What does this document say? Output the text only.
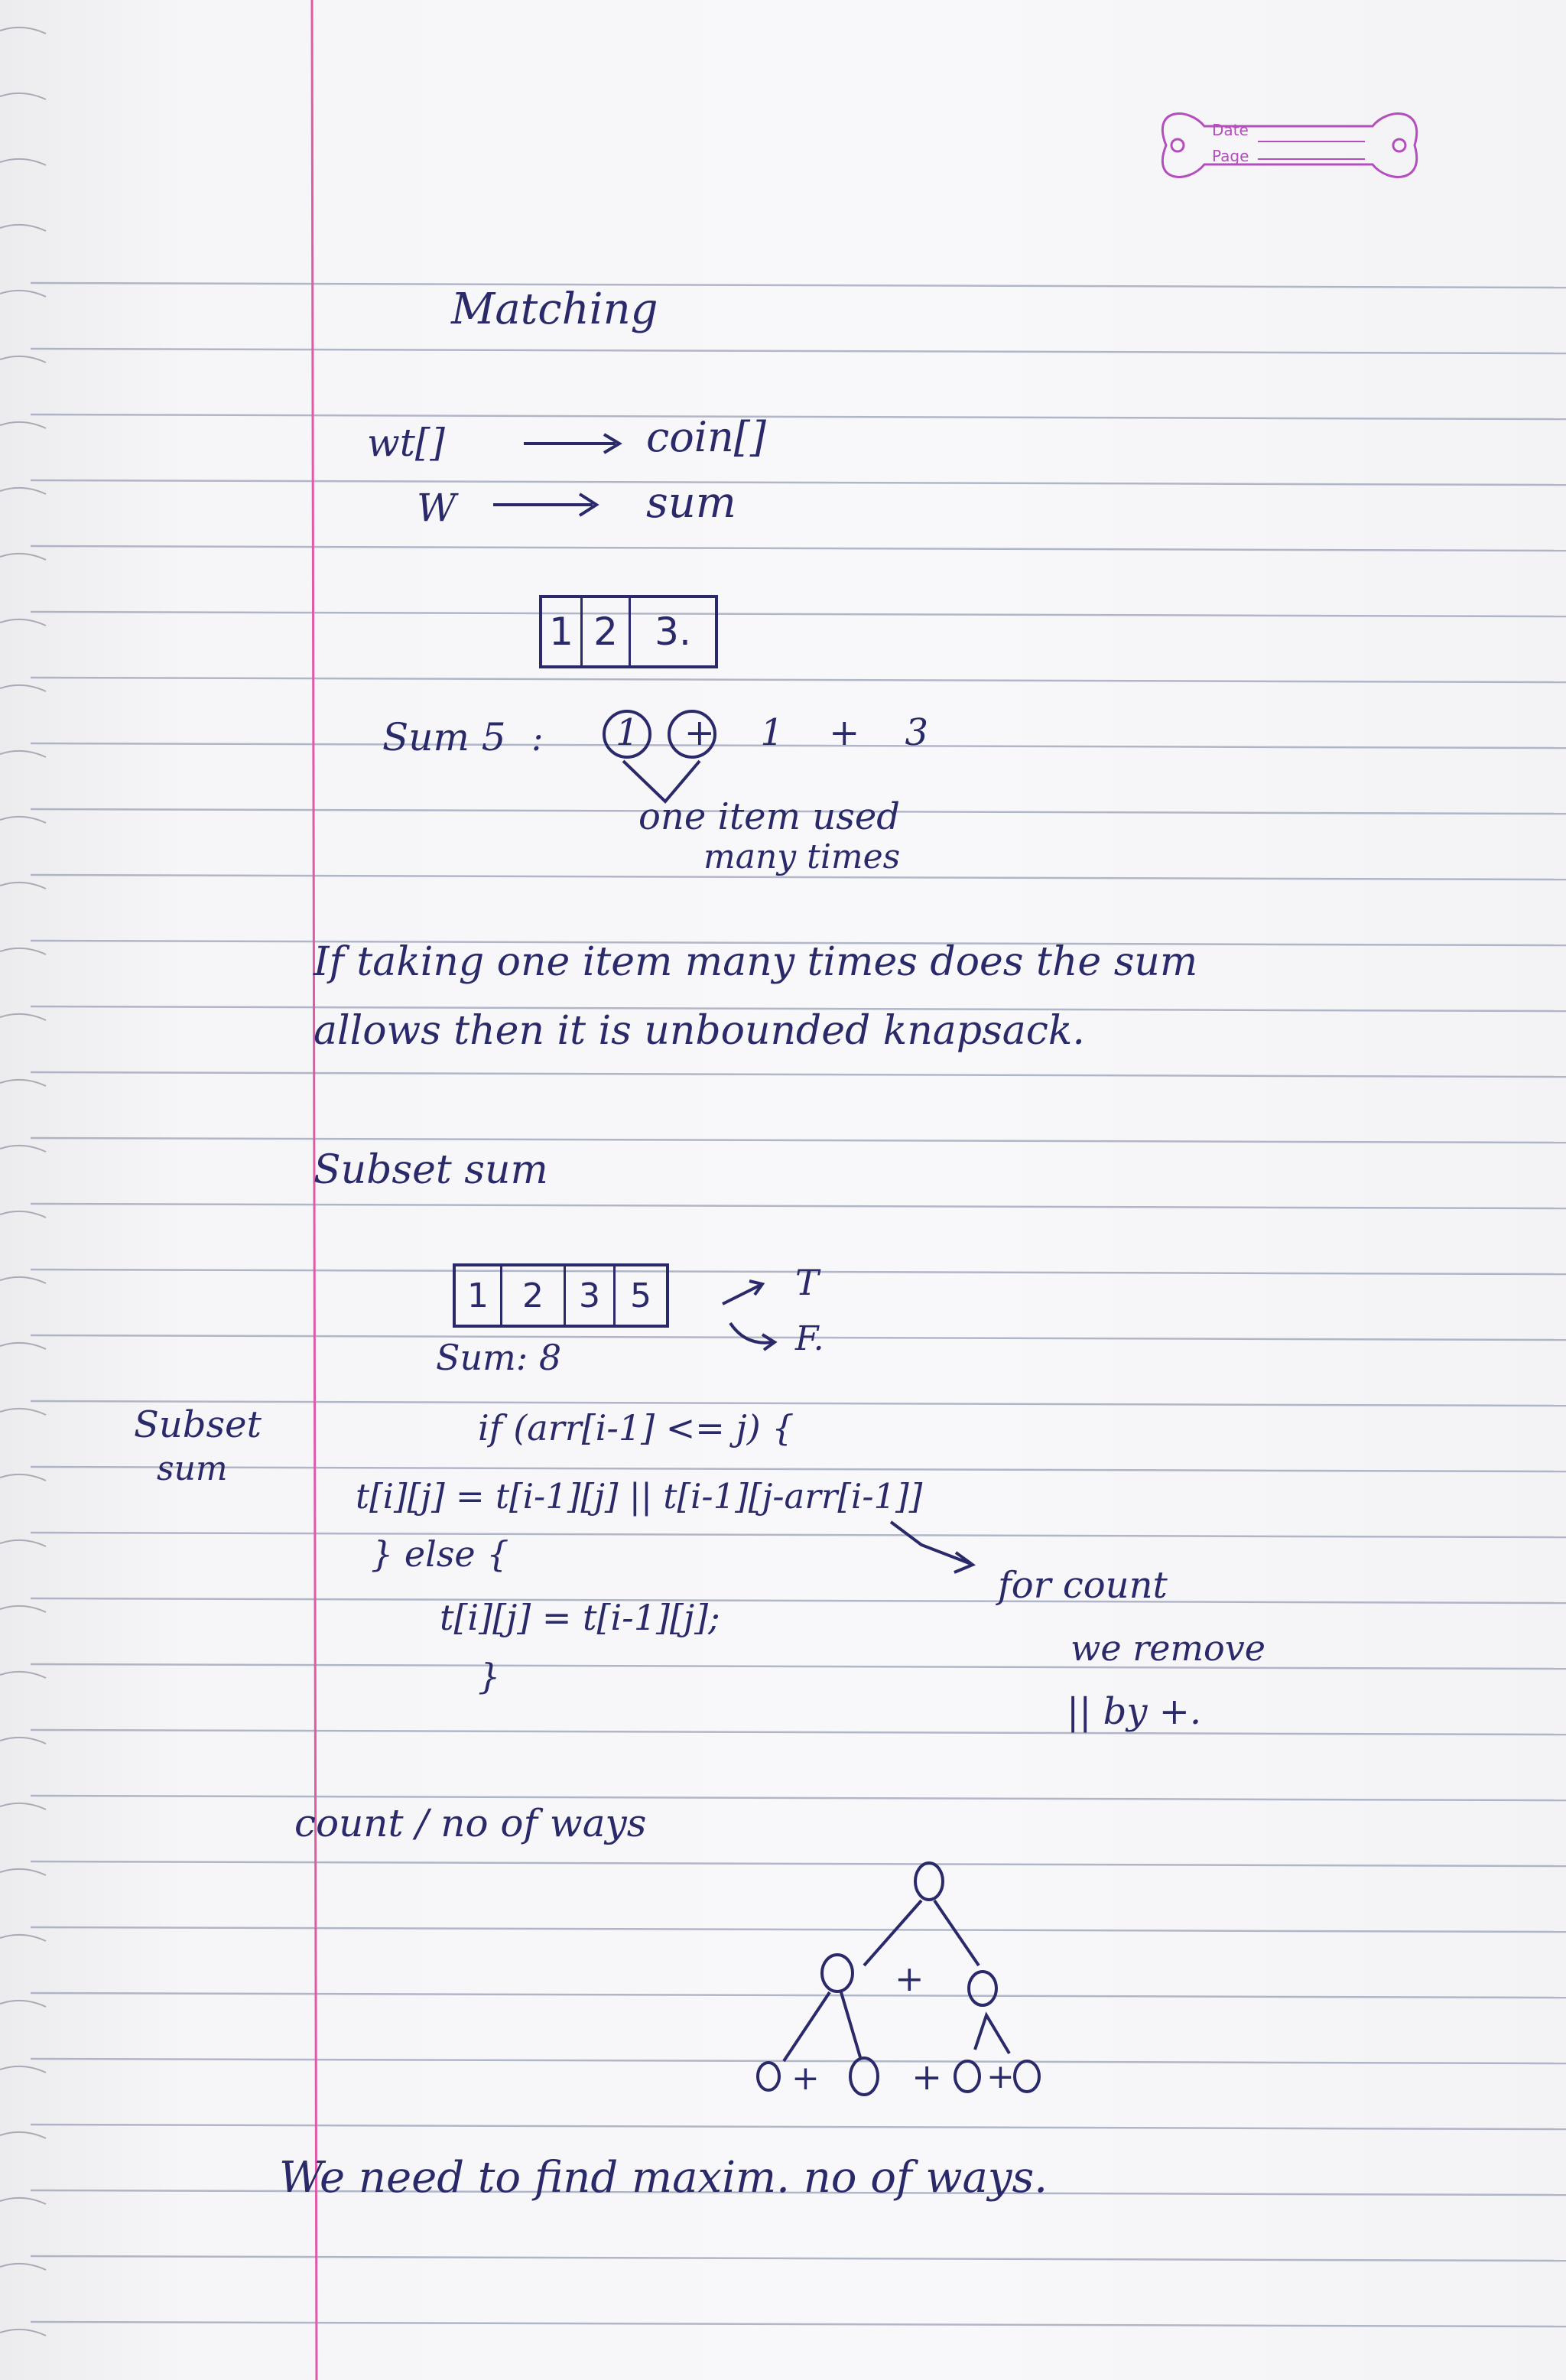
Date
Page
Matching
wt[]	coin[]
W	sum
1 2 3.
Sum 5 : 1 + 1 + 3
one item used
many times
If taking one item many times does the sum
allows then it is unbounded knapsack.
Subset sum
1	2	3 5	T
F.
Sum: 8
Subset
sum
if (arr[i-1] <= j) {
t[i][j] = t[i-1][j] || t[i-1][j-arr[i-1]]
} else {
t[i][j] = t[i-1][j];
}
for count
we remove
|| by +.
count / no of ways
+
+	+ +
We need to find maxim. no of ways.
